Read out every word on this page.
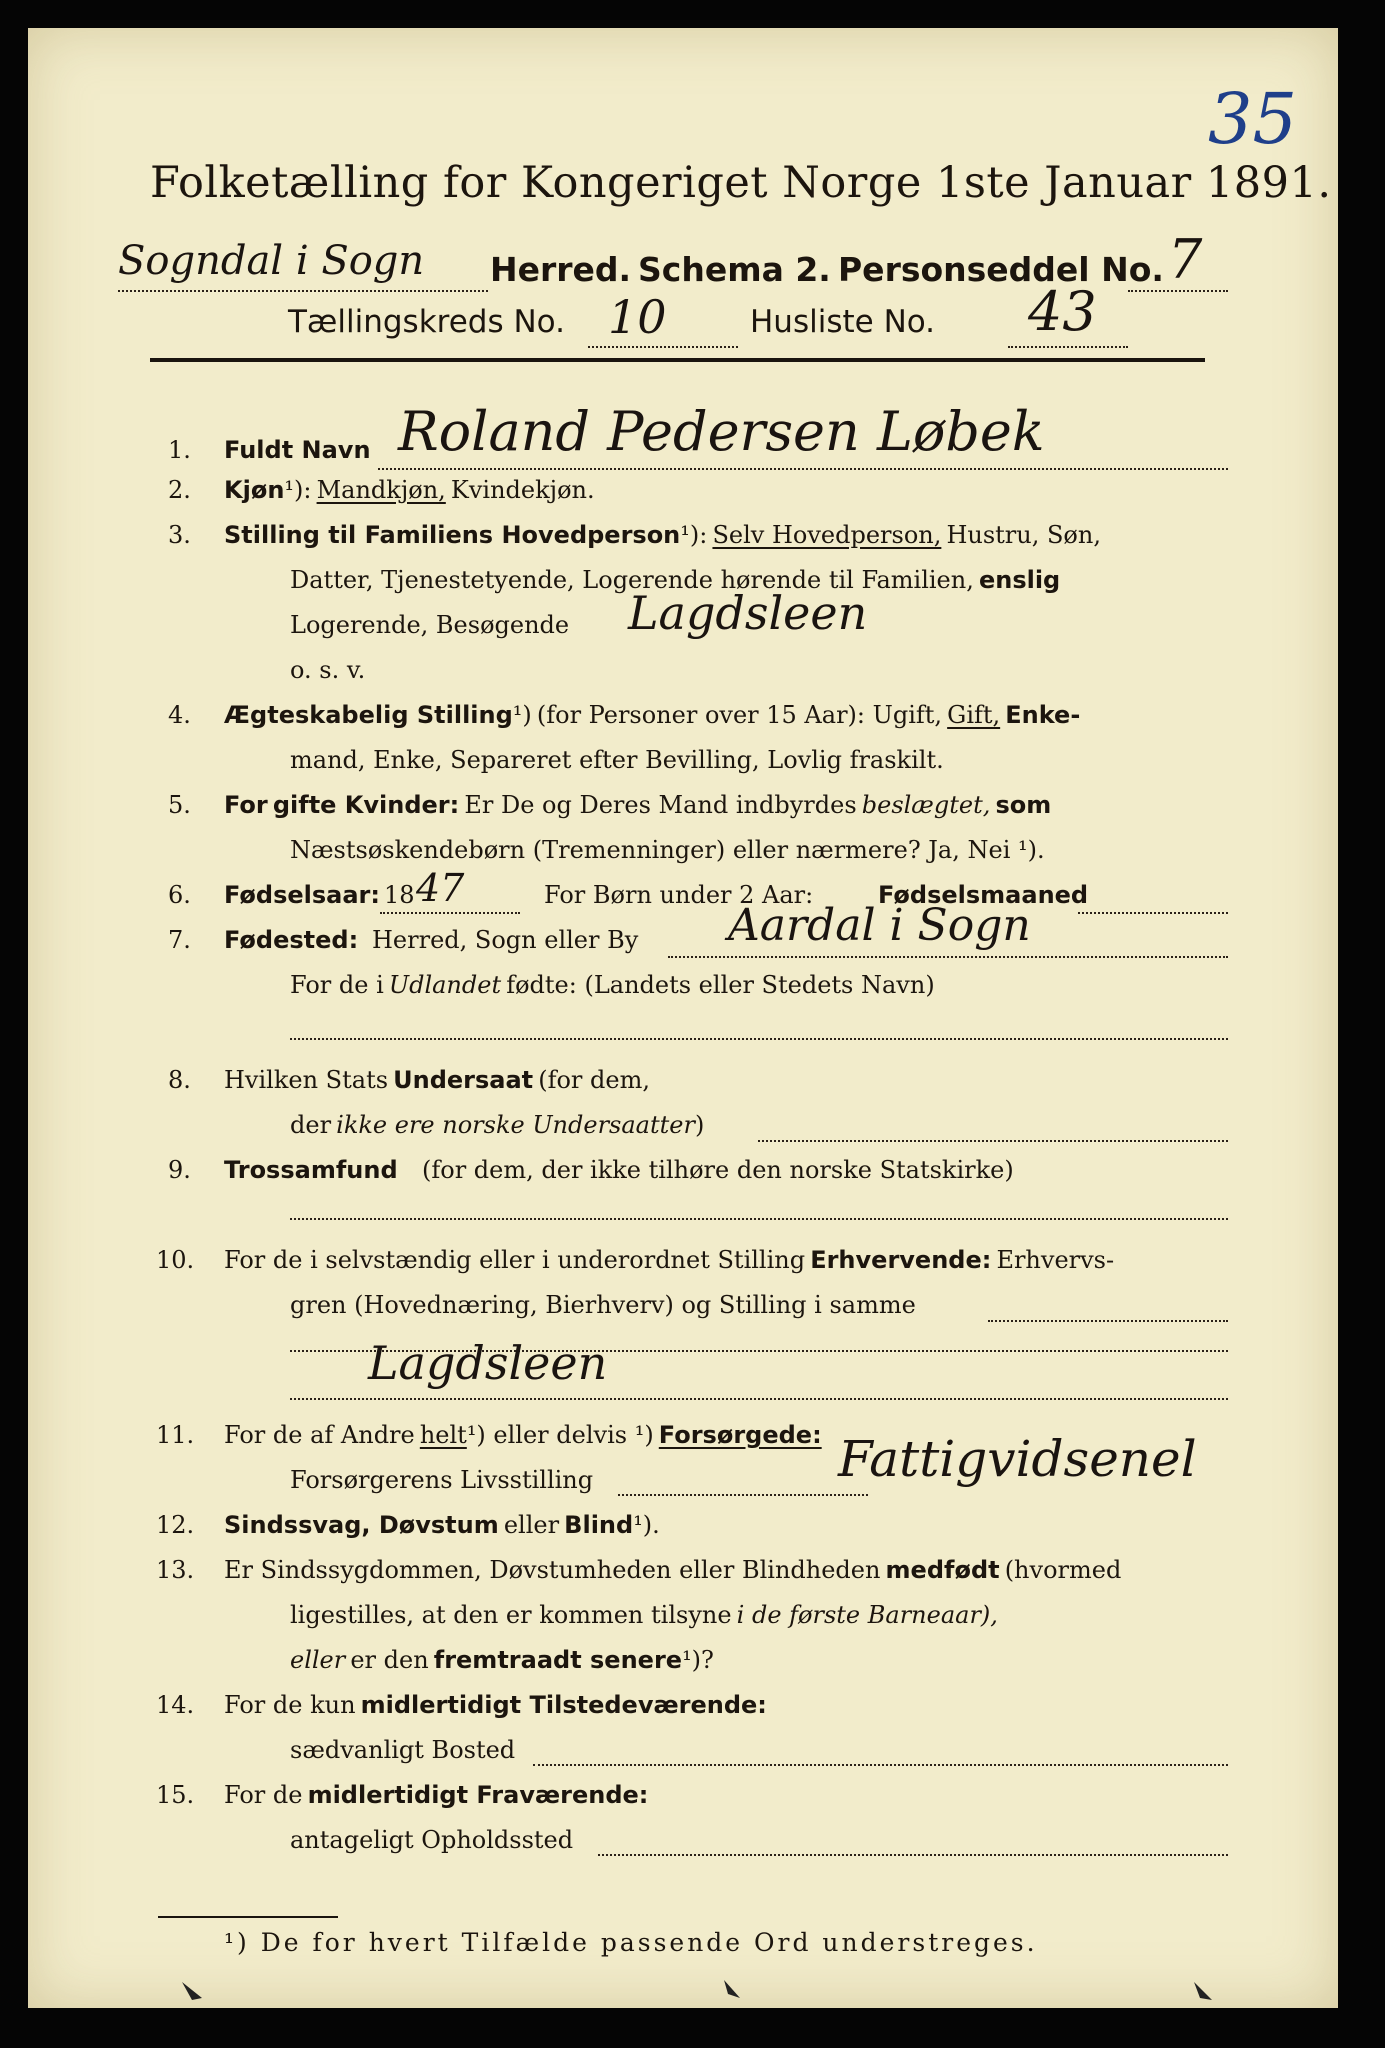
35
Folketælling for Kongeriget Norge 1ste Januar 1891.
Sogndal i Sogn Herred. Schema 2. Personseddel No. 7
Tællingskreds No. 10	Husliste No. 43
1. Fuldt Navn Roland Pedersen Løbek
2. Kjøn¹): Mandkjøn, Kvindekjøn.
3. Stilling til Familiens Hovedperson¹): Selv Hovedperson, Hustru, Søn,
Datter, Tjenestetyende, Logerende hørende til Familien, enslig
Logerende, Besøgende Lagdsleen
o. s. v.
4. Ægteskabelig Stilling¹) (for Personer over 15 Aar): Ugift, Gift, Enke-
mand, Enke, Separeret efter Bevilling, Lovlig fraskilt.
5. For gifte Kvinder: Er De og Deres Mand indbyrdes beslægtet, som
Næstsøskendebørn (Tremenninger) eller nærmere? Ja, Nei ¹).
6. Fødselsaar: 18 47	For Børn under 2 Aar:	Fødselsmaaned
7. Fødested: Herred, Sogn eller By Aardal i Sogn
For de i Udlandet fødte: (Landets eller Stedets Navn)
8. Hvilken Stats Undersaat (for dem,
der ikke ere norske Undersaatter)
9. Trossamfund (for dem, der ikke tilhøre den norske Statskirke)
10. For de i selvstændig eller i underordnet Stilling Erhvervende: Erhvervs-
gren (Hovednæring, Bierhverv) og Stilling i samme
Lagdsleen
11. For de af Andre helt¹) eller delvis ¹) Forsørgede:
Forsørgerens Livsstilling	Fattigvidsenel
12. Sindssvag, Døvstum eller Blind¹).
13. Er Sindssygdommen, Døvstumheden eller Blindheden medfødt (hvormed
ligestilles, at den er kommen tilsyne i de første Barneaar),
eller er den fremtraadt senere¹)?
14. For de kun midlertidigt Tilstedeværende:
sædvanligt Bosted
15. For de midlertidigt Fraværende:
antageligt Opholdssted
¹) De for hvert Tilfælde passende Ord understreges.
